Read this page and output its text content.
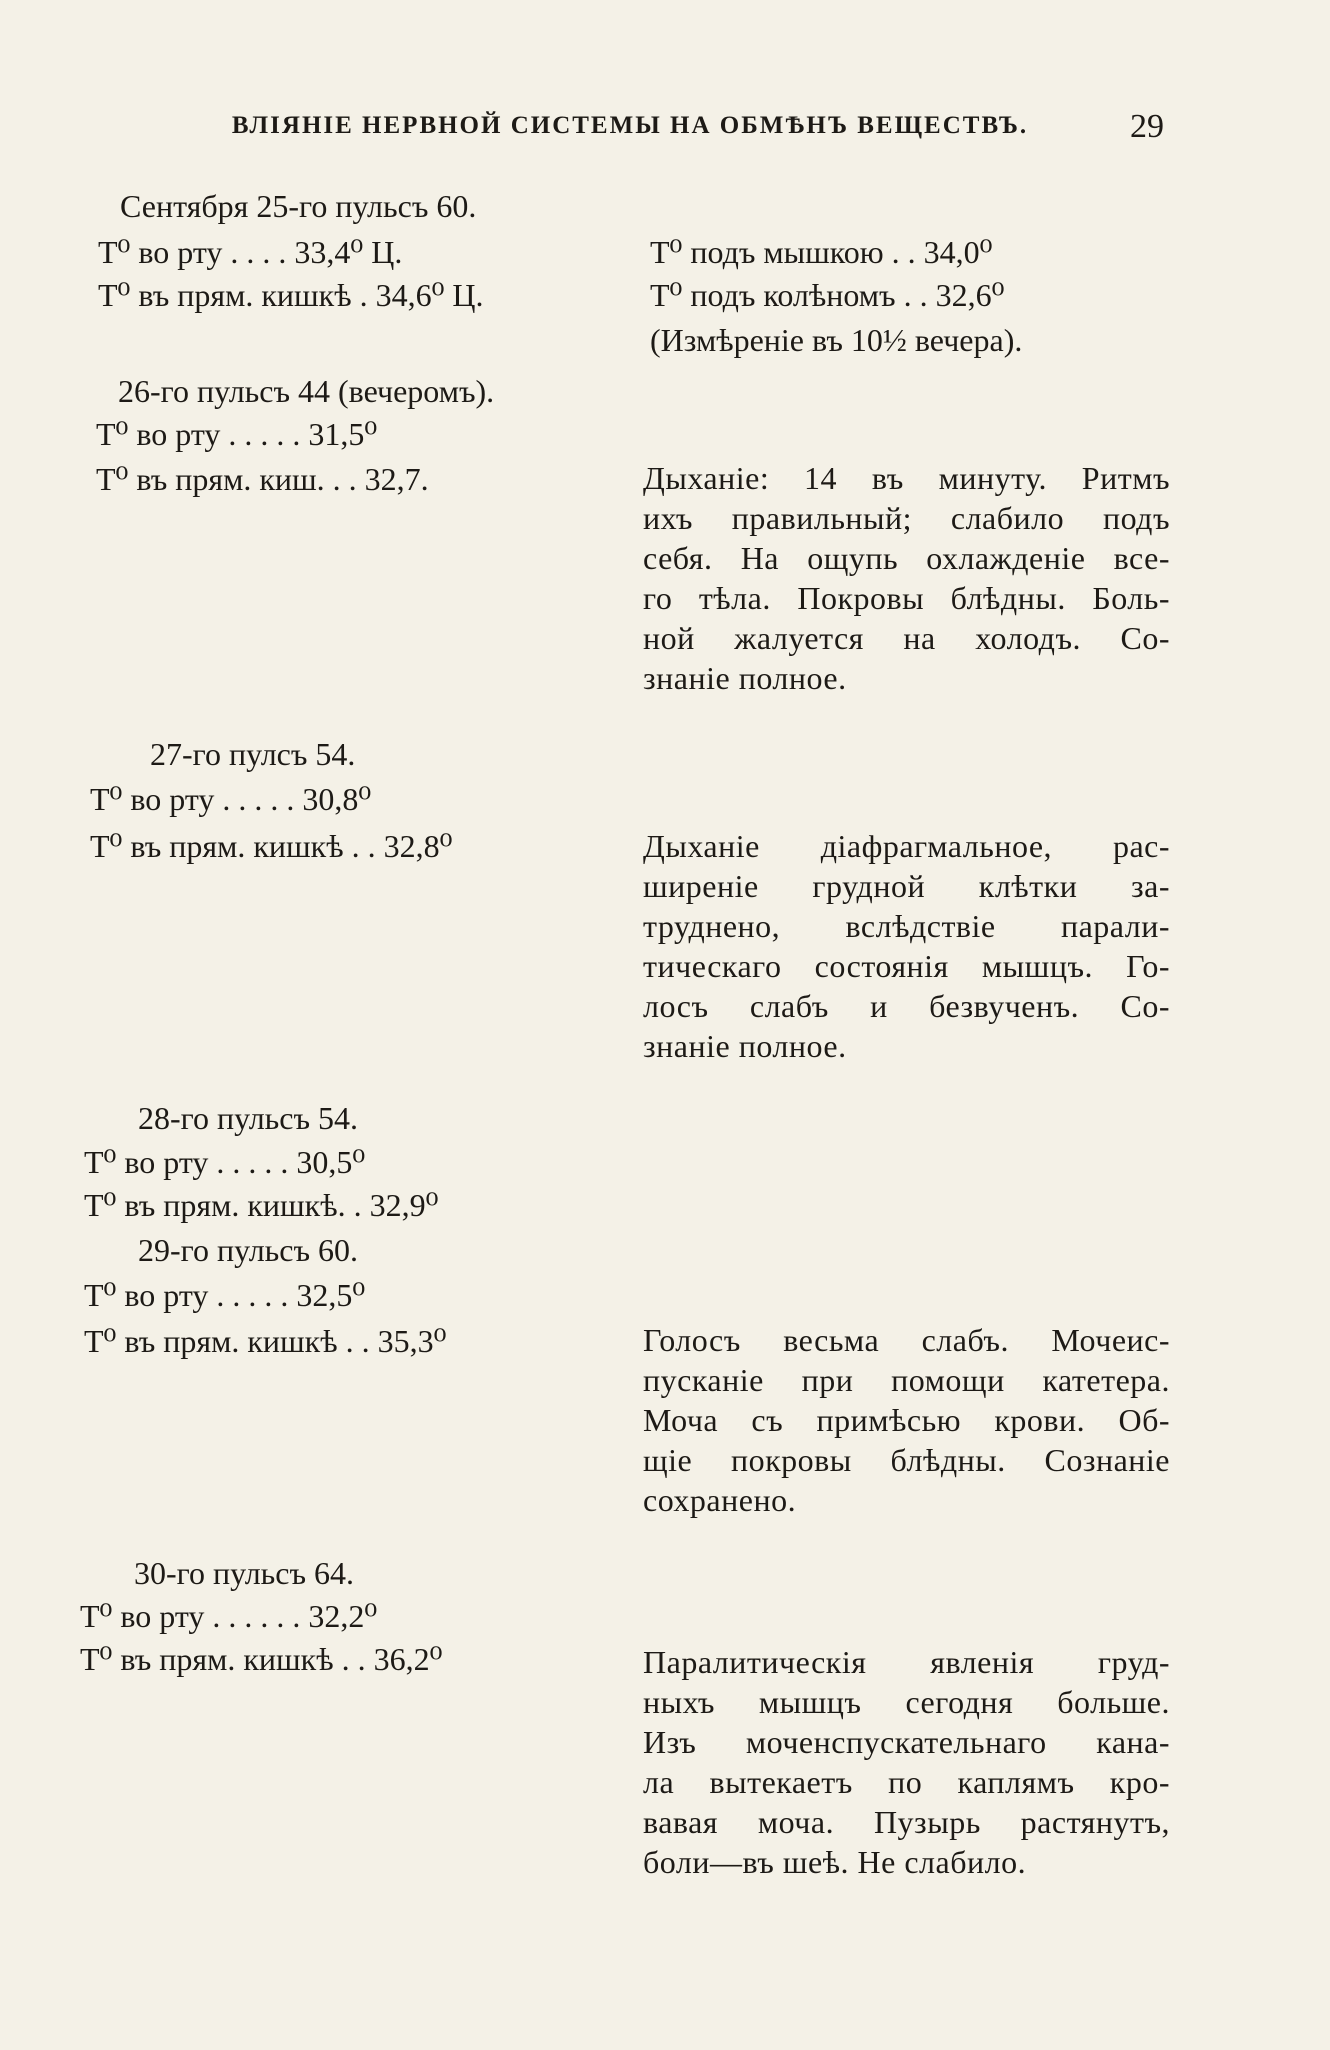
ВЛІЯНІЕ НЕРВНОЙ СИСТЕМЫ НА ОБМѢНЪ ВЕЩЕСТВЪ.	29
Сентября 25-го пульсъ 60.
Т⁰ во рту . . . . 33,4⁰ Ц.
Т⁰ въ прям. кишкѣ . 34,6⁰ Ц.
26-го пульсъ 44 (вечеромъ).
Т⁰ во рту . . . . . 31,5⁰
Т⁰ въ прям. киш. . . 32,7.
27-го пулсъ 54.
Т⁰ во рту . . . . . 30,8⁰
Т⁰ въ прям. кишкѣ . . 32,8⁰
28-го пульсъ 54.
Т⁰ во рту . . . . . 30,5⁰
Т⁰ въ прям. кишкѣ. . 32,9⁰
29-го пульсъ 60.
Т⁰ во рту . . . . . 32,5⁰
Т⁰ въ прям. кишкѣ . . 35,3⁰
30-го пульсъ 64.
Т⁰ во рту . . . . . . 32,2⁰
Т⁰ въ прям. кишкѣ . . 36,2⁰
Т⁰ подъ мышкою . . 34,0⁰
Т⁰ подъ колѣномъ . . 32,6⁰
(Измѣреніе въ 10½ вечера).
Дыханіе: 14 въ минуту. Ритмъ
ихъ правильный; слабило подъ
себя. На ощупь охлажденіе все-
го тѣла. Покровы блѣдны. Боль-
ной жалуется на холодъ. Со-
знаніе полное.
Дыханіе діафрагмальное, рас-
ширеніе грудной клѣтки за-
труднено, вслѣдствіе парали-
тическаго состоянія мышцъ. Го-
лосъ слабъ и безвученъ. Со-
знаніе полное.
Голосъ весьма слабъ. Мочеис-
пусканіе при помощи катетера.
Моча съ примѣсью крови. Об-
щіе покровы блѣдны. Сознаніе
сохранено.
Паралитическія явленія груд-
ныхъ мышцъ сегодня больше.
Изъ моченспускательнаго кана-
ла вытекаетъ по каплямъ кро-
вавая моча. Пузырь растянутъ,
боли—въ шеѣ. Не слабило.
